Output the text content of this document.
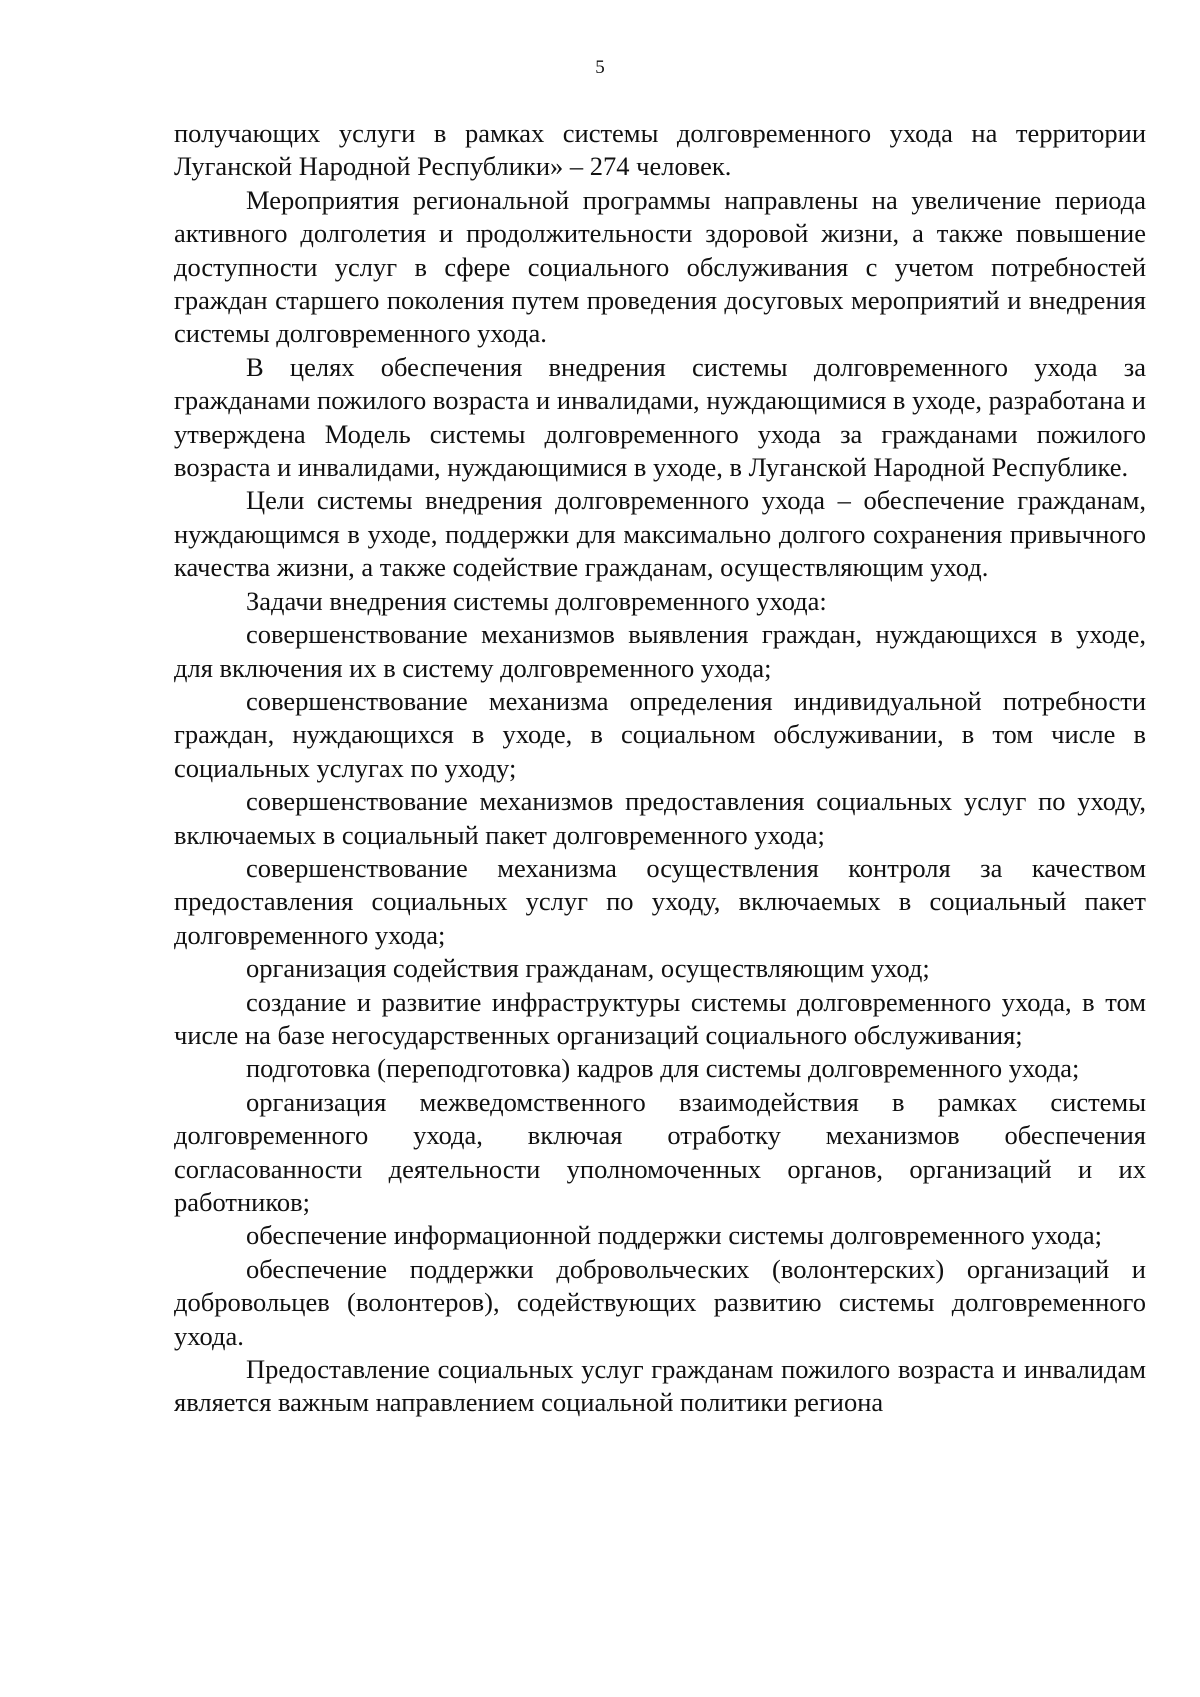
5

получающих услуги в рамках системы долговременного ухода на территории Луганской Народной Республики» – 274 человек.

Мероприятия региональной программы направлены на увеличение периода активного долголетия и продолжительности здоровой жизни, а также повышение доступности услуг в сфере социального обслуживания с учетом потребностей граждан старшего поколения путем проведения досуговых мероприятий и внедрения системы долговременного ухода.

В целях обеспечения внедрения системы долговременного ухода за гражданами пожилого возраста и инвалидами, нуждающимися в уходе, разработана и утверждена Модель системы долговременного ухода за гражданами пожилого возраста и инвалидами, нуждающимися в уходе, в Луганской Народной Республике.

Цели системы внедрения долговременного ухода – обеспечение гражданам, нуждающимся в уходе, поддержки для максимально долгого сохранения привычного качества жизни, а также содействие гражданам, осуществляющим уход.

Задачи внедрения системы долговременного ухода:

совершенствование механизмов выявления граждан, нуждающихся в уходе, для включения их в систему долговременного ухода;

совершенствование механизма определения индивидуальной потребности граждан, нуждающихся в уходе, в социальном обслуживании, в том числе в социальных услугах по уходу;

совершенствование механизмов предоставления социальных услуг по уходу, включаемых в социальный пакет долговременного ухода;

совершенствование механизма осуществления контроля за качеством предоставления социальных услуг по уходу, включаемых в социальный пакет долговременного ухода;

организация содействия гражданам, осуществляющим уход;

создание и развитие инфраструктуры системы долговременного ухода, в том числе на базе негосударственных организаций социального обслуживания;

подготовка (переподготовка) кадров для системы долговременного ухода;

организация межведомственного взаимодействия в рамках системы долговременного ухода, включая отработку механизмов обеспечения согласованности деятельности уполномоченных органов, организаций и их работников;

обеспечение информационной поддержки системы долговременного ухода;

обеспечение поддержки добровольческих (волонтерских) организаций и добровольцев (волонтеров), содействующих развитию системы долговременного ухода.

Предоставление социальных услуг гражданам пожилого возраста и инвалидам является важным направлением социальной политики региона
